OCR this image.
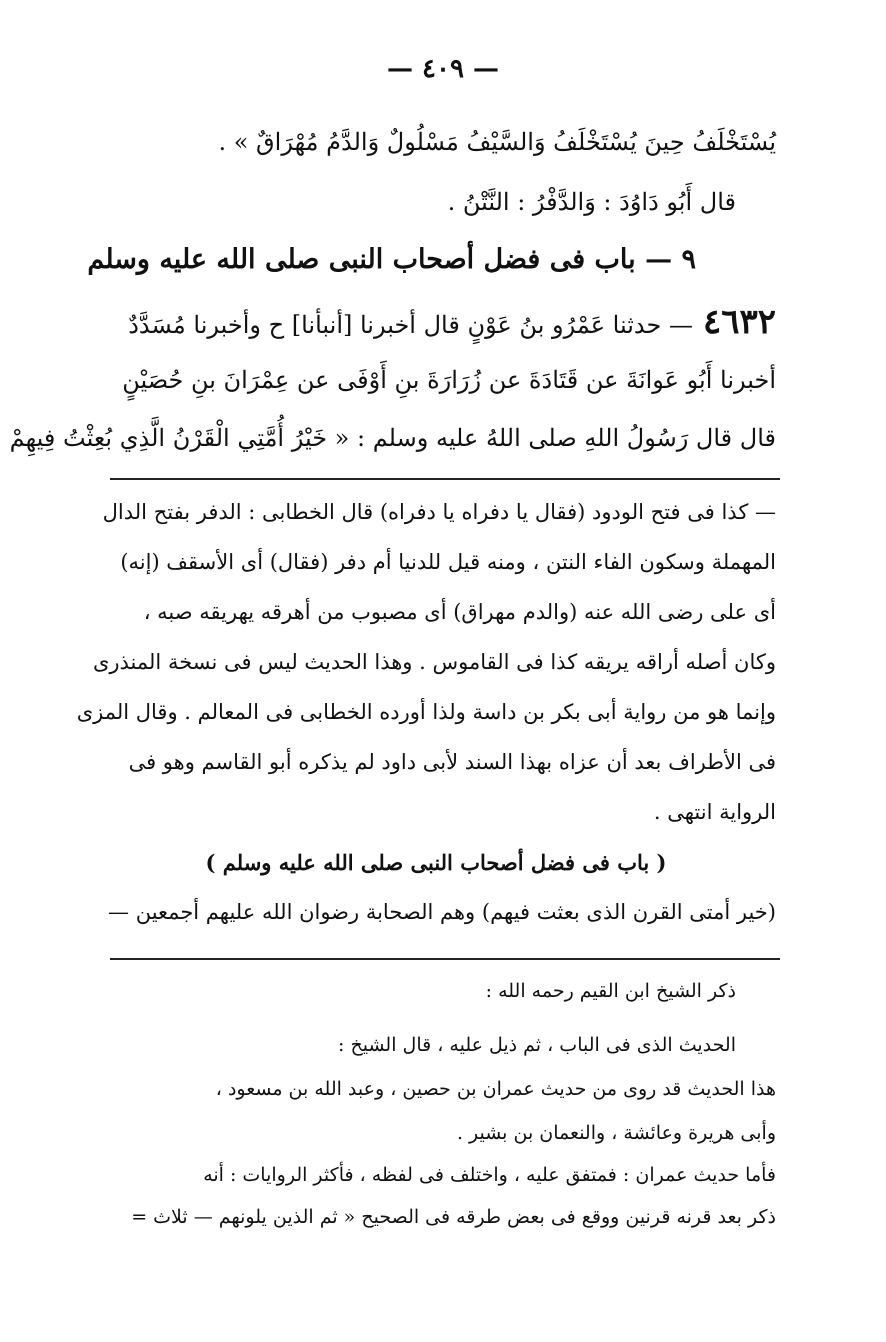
— ٤٠٩ —
يُسْتَخْلَفُ حِينَ يُسْتَخْلَفُ وَالسَّيْفُ مَسْلُولٌ وَالدَّمُ مُهْرَاقٌ » .
قال أَبُو دَاوُدَ : وَالدَّفْرُ : النَّتْنُ .
٩ — باب فى فضل أصحاب النبى صلى الله عليه وسلم
٤٦٣٢— حدثنا عَمْرُو بنُ عَوْنٍ قال أخبرنا [أنبأنا] ح وأخبرنا مُسَدَّدٌ
أخبرنا أَبُو عَوانَةَ عن قَتَادَةَ عن زُرَارَةَ بنِ أَوْفَى عن عِمْرَانَ بنِ حُصَيْنٍ
قال قال رَسُولُ اللهِ صلى اللهُ عليه وسلم : « خَيْرُ أُمَّتِي الْقَرْنُ الَّذِي بُعِثْتُ فِيهِمْ
— كذا فى فتح الودود (فقال يا دفراه يا دفراه) قال الخطابى : الدفر بفتح الدال
المهملة وسكون الفاء النتن ، ومنه قيل للدنيا أم دفر (فقال) أى الأسقف (إنه)
أى على رضى الله عنه (والدم مهراق) أى مصبوب من أهرقه يهريقه صبه ،
وكان أصله أراقه يريقه كذا فى القاموس . وهذا الحديث ليس فى نسخة المنذرى
وإنما هو من رواية أبى بكر بن داسة ولذا أورده الخطابى فى المعالم . وقال المزى
فى الأطراف بعد أن عزاه بهذا السند لأبى داود لم يذكره أبو القاسم وهو فى
الرواية انتهى .
( باب فى فضل أصحاب النبى صلى الله عليه وسلم )
(خير أمتى القرن الذى بعثت فيهم) وهم الصحابة رضوان الله عليهم أجمعين —
ذكر الشيخ ابن القيم رحمه الله :
الحديث الذى فى الباب ، ثم ذيل عليه ، قال الشيخ :
هذا الحديث قد روى من حديث عمران بن حصين ، وعبد الله بن مسعود ،
وأبى هريرة وعائشة ، والنعمان بن بشير .
فأما حديث عمران : فمتفق عليه ، واختلف فى لفظه ، فأكثر الروايات : أنه
ذكر بعد قرنه قرنين ووقع فى بعض طرقه فى الصحيح « ثم الذين يلونهم — ثلاث =
